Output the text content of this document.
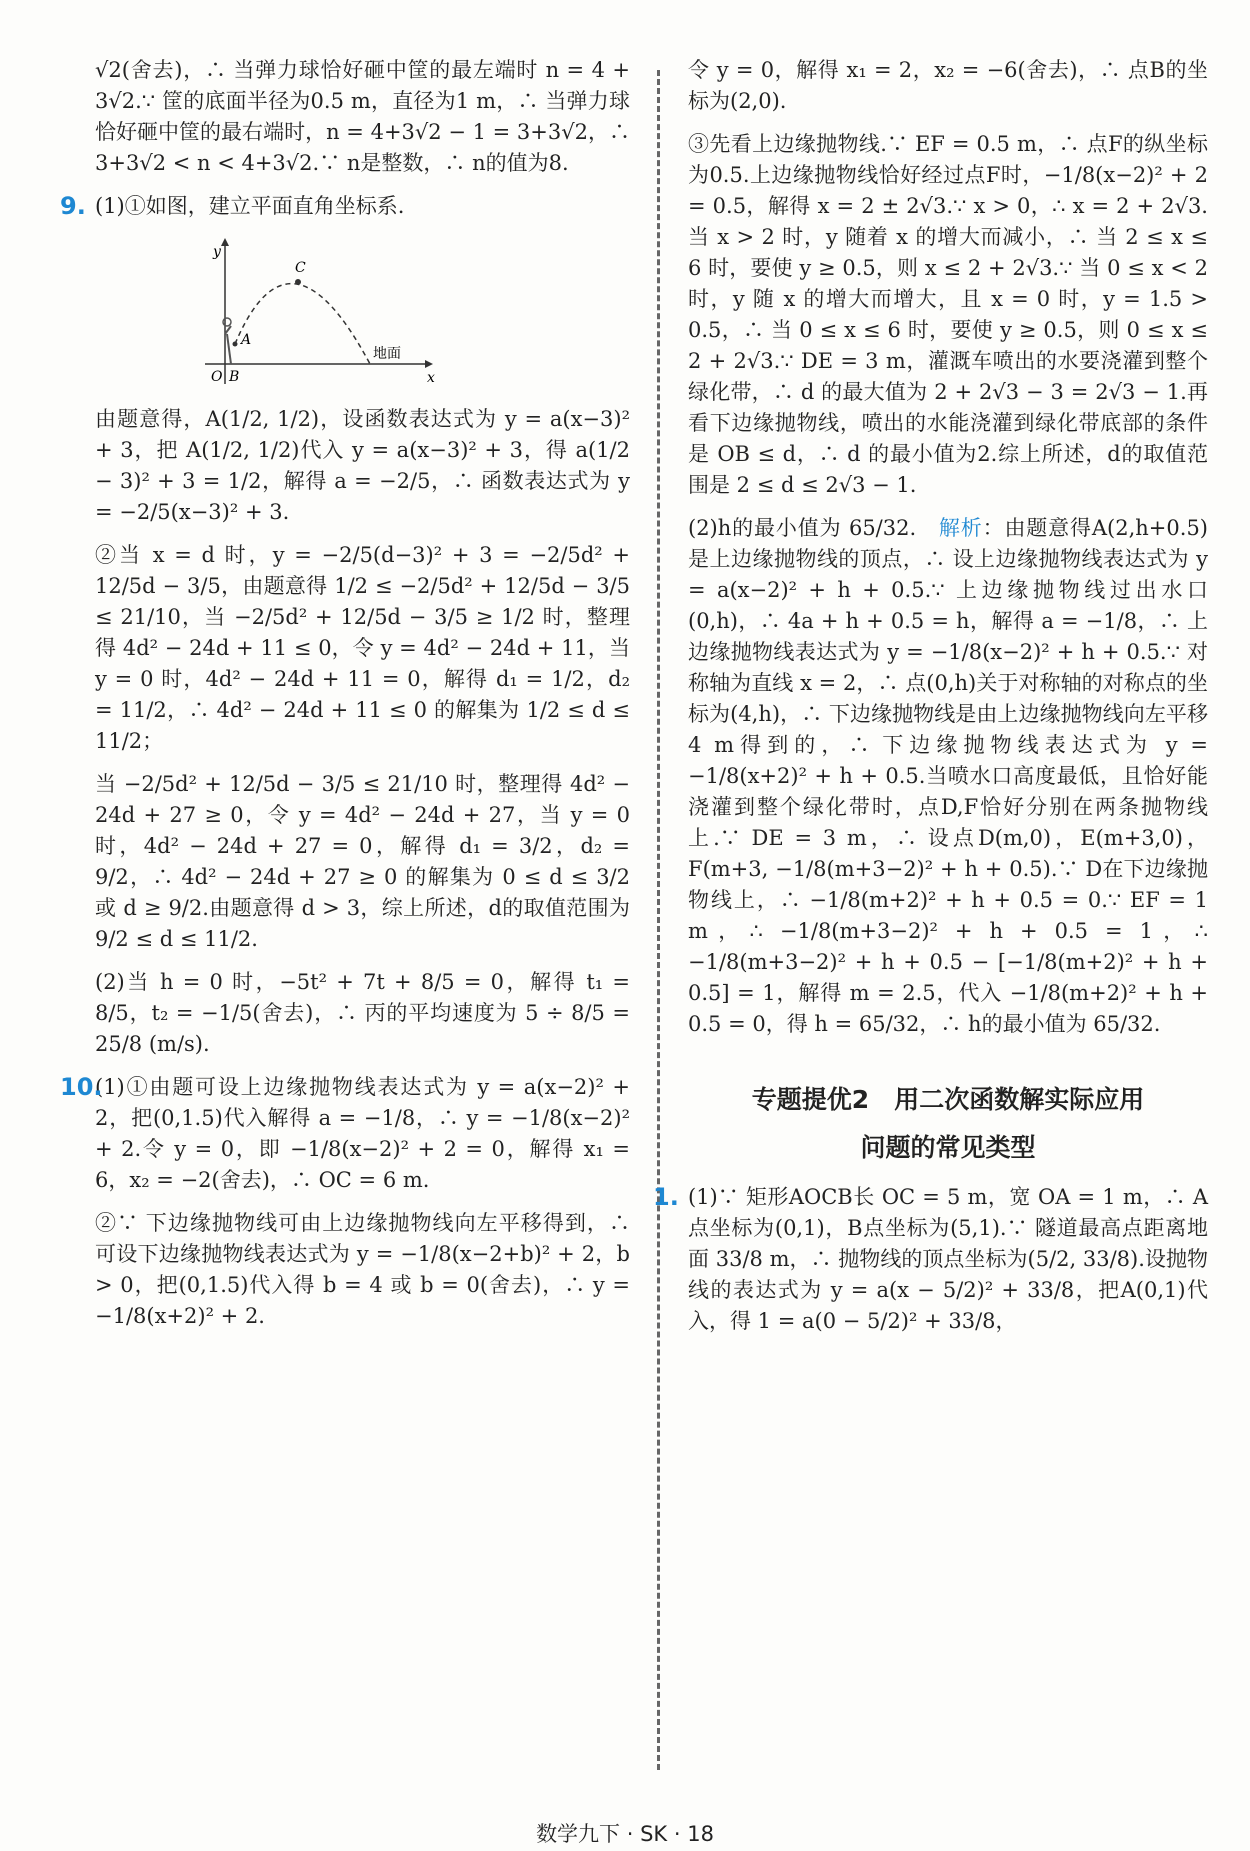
√2(舍去)，∴ 当弹力球恰好砸中筐的最左端时 n = 4 + 3√2.∵ 筐的底面半径为0.5 m，直径为1 m，∴ 当弹力球恰好砸中筐的最右端时，n = 4+3√2 − 1 = 3+3√2，∴ 3+3√2 < n < 4+3√2.∵ n是整数，∴ n的值为8.

9. (1)①如图，建立平面直角坐标系.

y
x
O B
A
C
地面

由题意得，A(1/2, 1/2)，设函数表达式为 y = a(x−3)² + 3，把 A(1/2, 1/2)代入 y = a(x−3)² + 3，得 a(1/2 − 3)² + 3 = 1/2，解得 a = −2/5，∴ 函数表达式为 y = −2/5(x−3)² + 3.

②当 x = d 时，y = −2/5(d−3)² + 3 = −2/5d² + 12/5d − 3/5，由题意得 1/2 ≤ −2/5d² + 12/5d − 3/5 ≤ 21/10，当 −2/5d² + 12/5d − 3/5 ≥ 1/2 时，整理得 4d² − 24d + 11 ≤ 0，令 y = 4d² − 24d + 11，当 y = 0 时，4d² − 24d + 11 = 0，解得 d₁ = 1/2，d₂ = 11/2，∴ 4d² − 24d + 11 ≤ 0 的解集为 1/2 ≤ d ≤ 11/2；

当 −2/5d² + 12/5d − 3/5 ≤ 21/10 时，整理得 4d² − 24d + 27 ≥ 0，令 y = 4d² − 24d + 27，当 y = 0 时，4d² − 24d + 27 = 0，解得 d₁ = 3/2，d₂ = 9/2，∴ 4d² − 24d + 27 ≥ 0 的解集为 0 ≤ d ≤ 3/2 或 d ≥ 9/2.由题意得 d > 3，综上所述，d的取值范围为 9/2 ≤ d ≤ 11/2.

(2)当 h = 0 时，−5t² + 7t + 8/5 = 0，解得 t₁ = 8/5，t₂ = −1/5(舍去)，∴ 丙的平均速度为 5 ÷ 8/5 = 25/8 (m/s).

10.

(1)①由题可设上边缘抛物线表达式为 y = a(x−2)² + 2，把(0,1.5)代入解得 a = −1/8，∴ y = −1/8(x−2)² + 2.令 y = 0，即 −1/8(x−2)² + 2 = 0，解得 x₁ = 6，x₂ = −2(舍去)，∴ OC = 6 m.

②∵ 下边缘抛物线可由上边缘抛物线向左平移得到，∴ 可设下边缘抛物线表达式为 y = −1/8(x−2+b)² + 2，b > 0，把(0,1.5)代入得 b = 4 或 b = 0(舍去)，∴ y = −1/8(x+2)² + 2.

令 y = 0，解得 x₁ = 2，x₂ = −6(舍去)，∴ 点B的坐标为(2,0).

③先看上边缘抛物线.∵ EF = 0.5 m，∴ 点F的纵坐标为0.5.上边缘抛物线恰好经过点F时，−1/8(x−2)² + 2 = 0.5，解得 x = 2 ± 2√3.∵ x > 0，∴ x = 2 + 2√3.当 x > 2 时，y 随着 x 的增大而减小，∴ 当 2 ≤ x ≤ 6 时，要使 y ≥ 0.5，则 x ≤ 2 + 2√3.∵ 当 0 ≤ x < 2 时，y 随 x 的增大而增大，且 x = 0 时，y = 1.5 > 0.5，∴ 当 0 ≤ x ≤ 6 时，要使 y ≥ 0.5，则 0 ≤ x ≤ 2 + 2√3.∵ DE = 3 m，灌溉车喷出的水要浇灌到整个绿化带，∴ d 的最大值为 2 + 2√3 − 3 = 2√3 − 1.再看下边缘抛物线，喷出的水能浇灌到绿化带底部的条件是 OB ≤ d，∴ d 的最小值为2.综上所述，d的取值范围是 2 ≤ d ≤ 2√3 − 1.

(2)h的最小值为 65/32.　 解析：由题意得A(2,h+0.5)是上边缘抛物线的顶点，∴ 设上边缘抛物线表达式为 y = a(x−2)² + h + 0.5.∵ 上边缘抛物线过出水口(0,h)，∴ 4a + h + 0.5 = h，解得 a = −1/8，∴ 上边缘抛物线表达式为 y = −1/8(x−2)² + h + 0.5.∵ 对称轴为直线 x = 2，∴ 点(0,h)关于对称轴的对称点的坐标为(4,h)，∴ 下边缘抛物线是由上边缘抛物线向左平移4 m得到的，∴ 下边缘抛物线表达式为 y = −1/8(x+2)² + h + 0.5.当喷水口高度最低，且恰好能浇灌到整个绿化带时，点D,F恰好分别在两条抛物线上.∵ DE = 3 m，∴ 设点D(m,0)，E(m+3,0)，F(m+3, −1/8(m+3−2)² + h + 0.5).∵ D在下边缘抛物线上，∴ −1/8(m+2)² + h + 0.5 = 0.∵ EF = 1 m，∴ −1/8(m+3−2)² + h + 0.5 = 1，∴ −1/8(m+3−2)² + h + 0.5 − [−1/8(m+2)² + h + 0.5] = 1，解得 m = 2.5，代入 −1/8(m+2)² + h + 0.5 = 0，得 h = 65/32，∴ h的最小值为 65/32.

专题提优2　用二次函数解实际应用
问题的常见类型
1. (1)∵ 矩形AOCB长 OC = 5 m，宽 OA = 1 m，∴ A点坐标为(0,1)，B点坐标为(5,1).∵ 隧道最高点距离地面 33/8 m，∴ 抛物线的顶点坐标为(5/2, 33/8).设抛物线的表达式为 y = a(x − 5/2)² + 33/8，把A(0,1)代入，得 1 = a(0 − 5/2)² + 33/8，

数学九下 · SK · 18
